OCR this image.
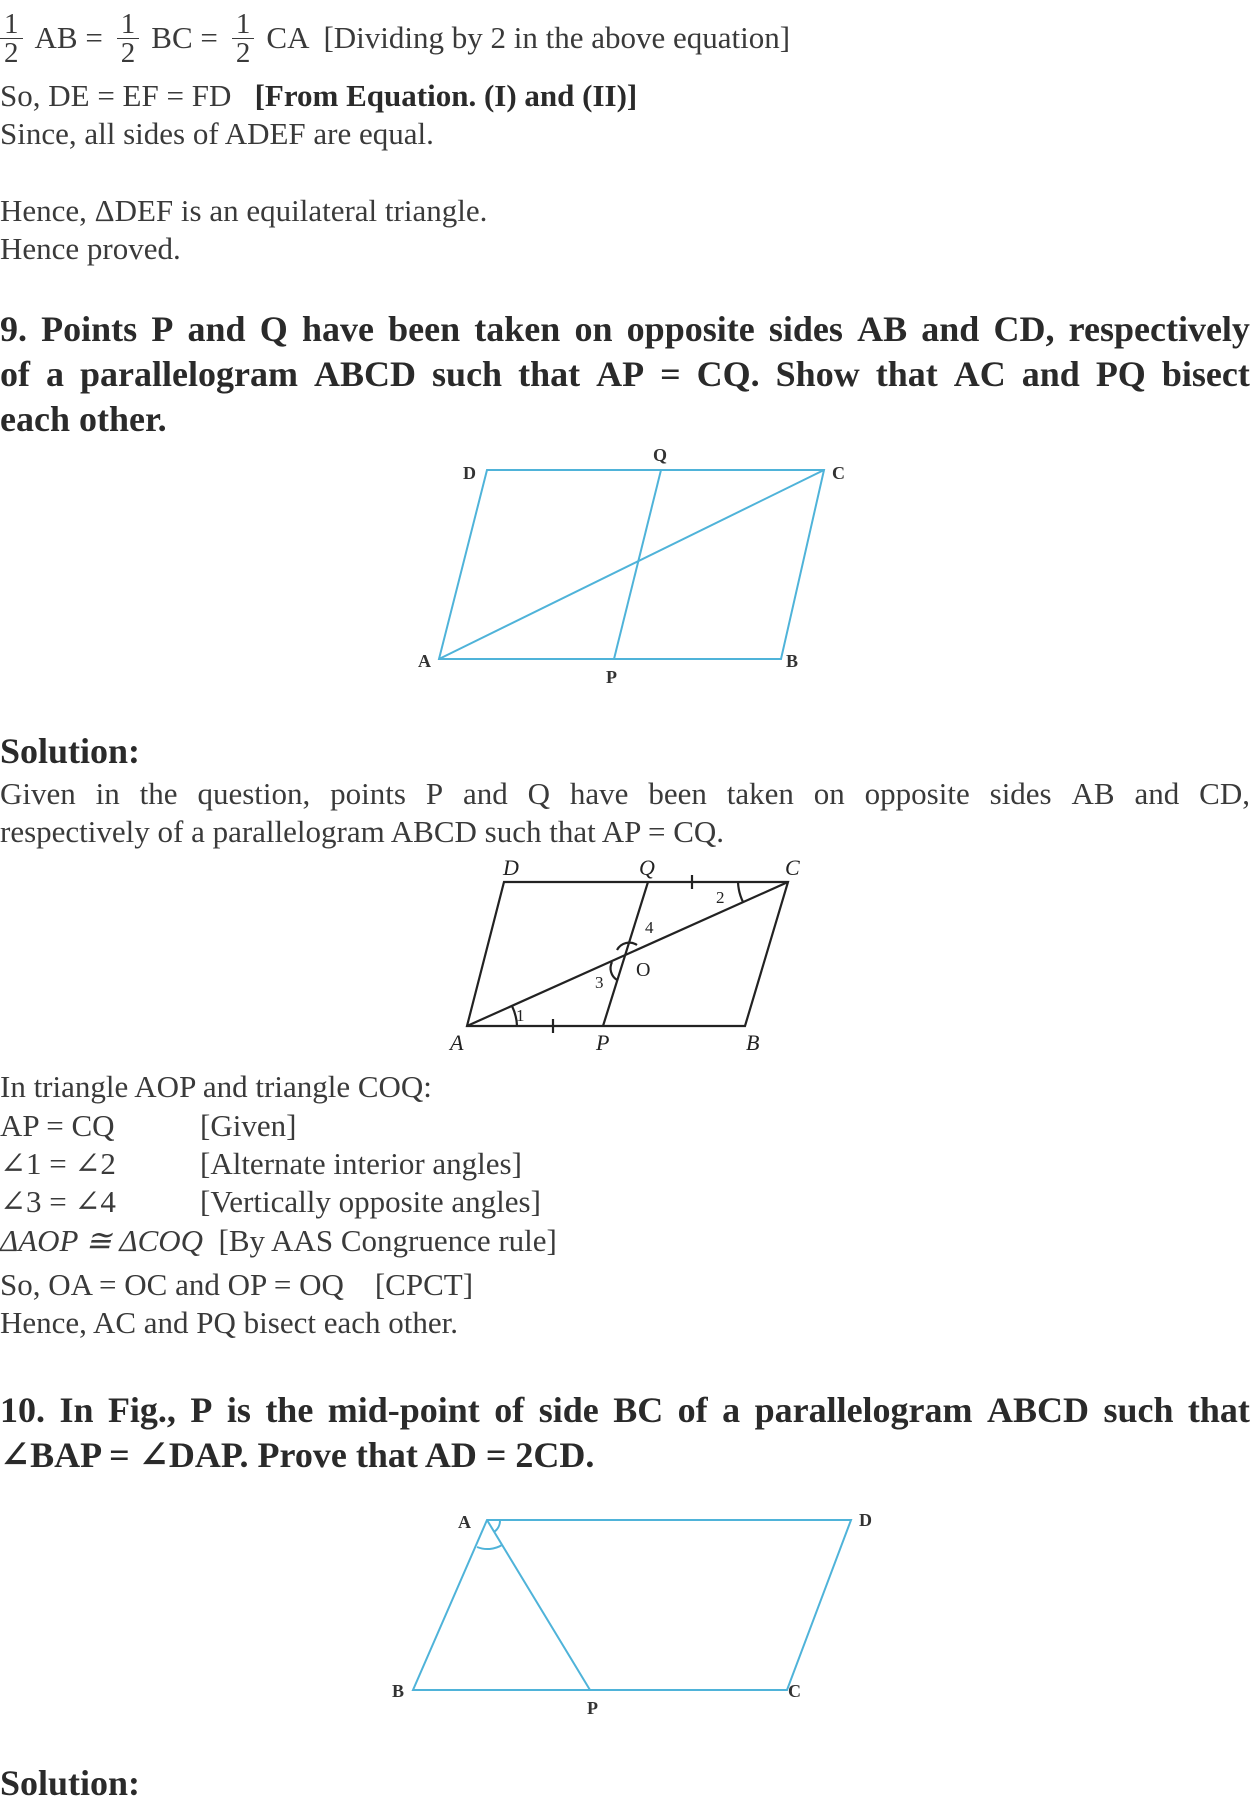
$\frac{1}{2}$ AB = $\frac{1}{2}$ BC = $\frac{1}{2}$ CA [Dividing by 2 in the above equation]
So, DE = EF = FD [From Equation. (I) and (II)]
Since, all sides of ADEF are equal.
Hence, ΔDEF is an equilateral triangle.
Hence proved.
9. Points P and Q have been taken on opposite sides AB and CD, respectively
of a parallelogram ABCD such that AP = CQ. Show that AC and PQ bisect
each other.
A	B
C
D
P
Q
Solution:
Given in the question, points P and Q have been taken on opposite sides AB and CD,
respectively of a parallelogram ABCD such that AP = CQ.
A	B
C
D
P
Q
O
1
2
3
4
In triangle AOP and triangle COQ:
AP = CQ	[Given]
∠1 = ∠2	[Alternate interior angles]
∠3 = ∠4	[Vertically opposite angles]
ΔAOP ≅ ΔCOQ [By AAS Congruence rule]
So, OA = OC and OP = OQ [CPCT]
Hence, AC and PQ bisect each other.
10. In Fig., P is the mid-point of side BC of a parallelogram ABCD such that
∠BAP = ∠DAP. Prove that AD = 2CD.
A
B	C
D
P
Solution:
